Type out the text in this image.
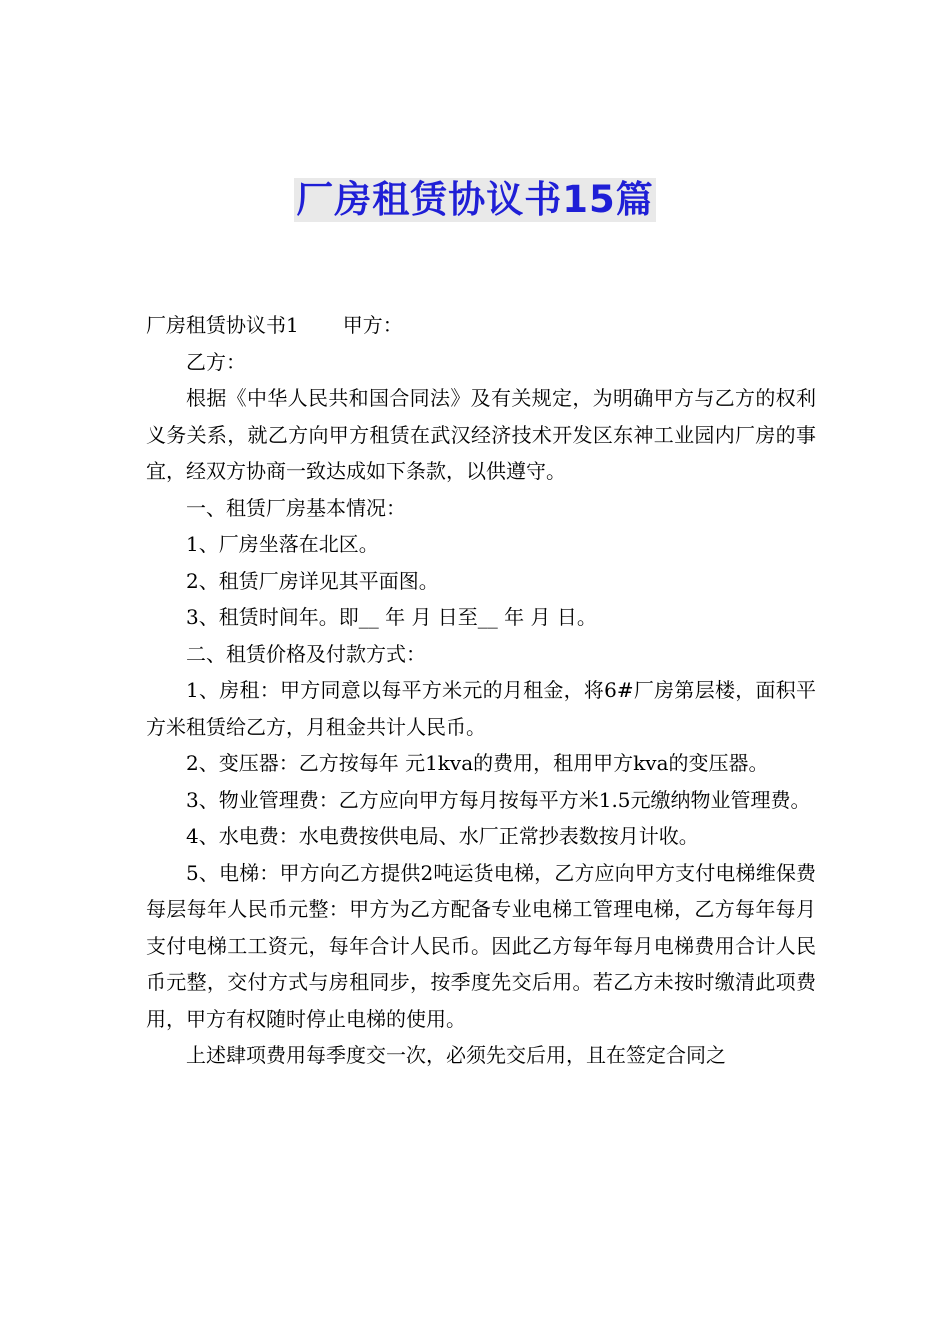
厂房租赁协议书15篇

厂房租赁协议书1 甲方：

乙方：

根据《中华人民共和国合同法》及有关规定，为明确甲方与乙方的权利义务关系，就乙方向甲方租赁在武汉经济技术开发区东神工业园内厂房的事宜，经双方协商一致达成如下条款，以供遵守。

一、租赁厂房基本情况：

1、厂房坐落在北区。

2、租赁厂房详见其平面图。

3、租赁时间年。即__ 年 月 日至__ 年 月 日。

二、租赁价格及付款方式：

1、房租：甲方同意以每平方米元的月租金，将6#厂房第层楼，面积平方米租赁给乙方，月租金共计人民币。

2、变压器：乙方按每年 元1kva的费用，租用甲方kva的变压器。

3、物业管理费：乙方应向甲方每月按每平方米1.5元缴纳物业管理费。

4、水电费：水电费按供电局、水厂正常抄表数按月计收。

5、电梯：甲方向乙方提供2吨运货电梯，乙方应向甲方支付电梯维保费每层每年人民币元整：甲方为乙方配备专业电梯工管理电梯，乙方每年每月支付电梯工工资元，每年合计人民币。因此乙方每年每月电梯费用合计人民币元整，交付方式与房租同步，按季度先交后用。若乙方未按时缴清此项费用，甲方有权随时停止电梯的使用。

上述肆项费用每季度交一次，必须先交后用，且在签定合同之
